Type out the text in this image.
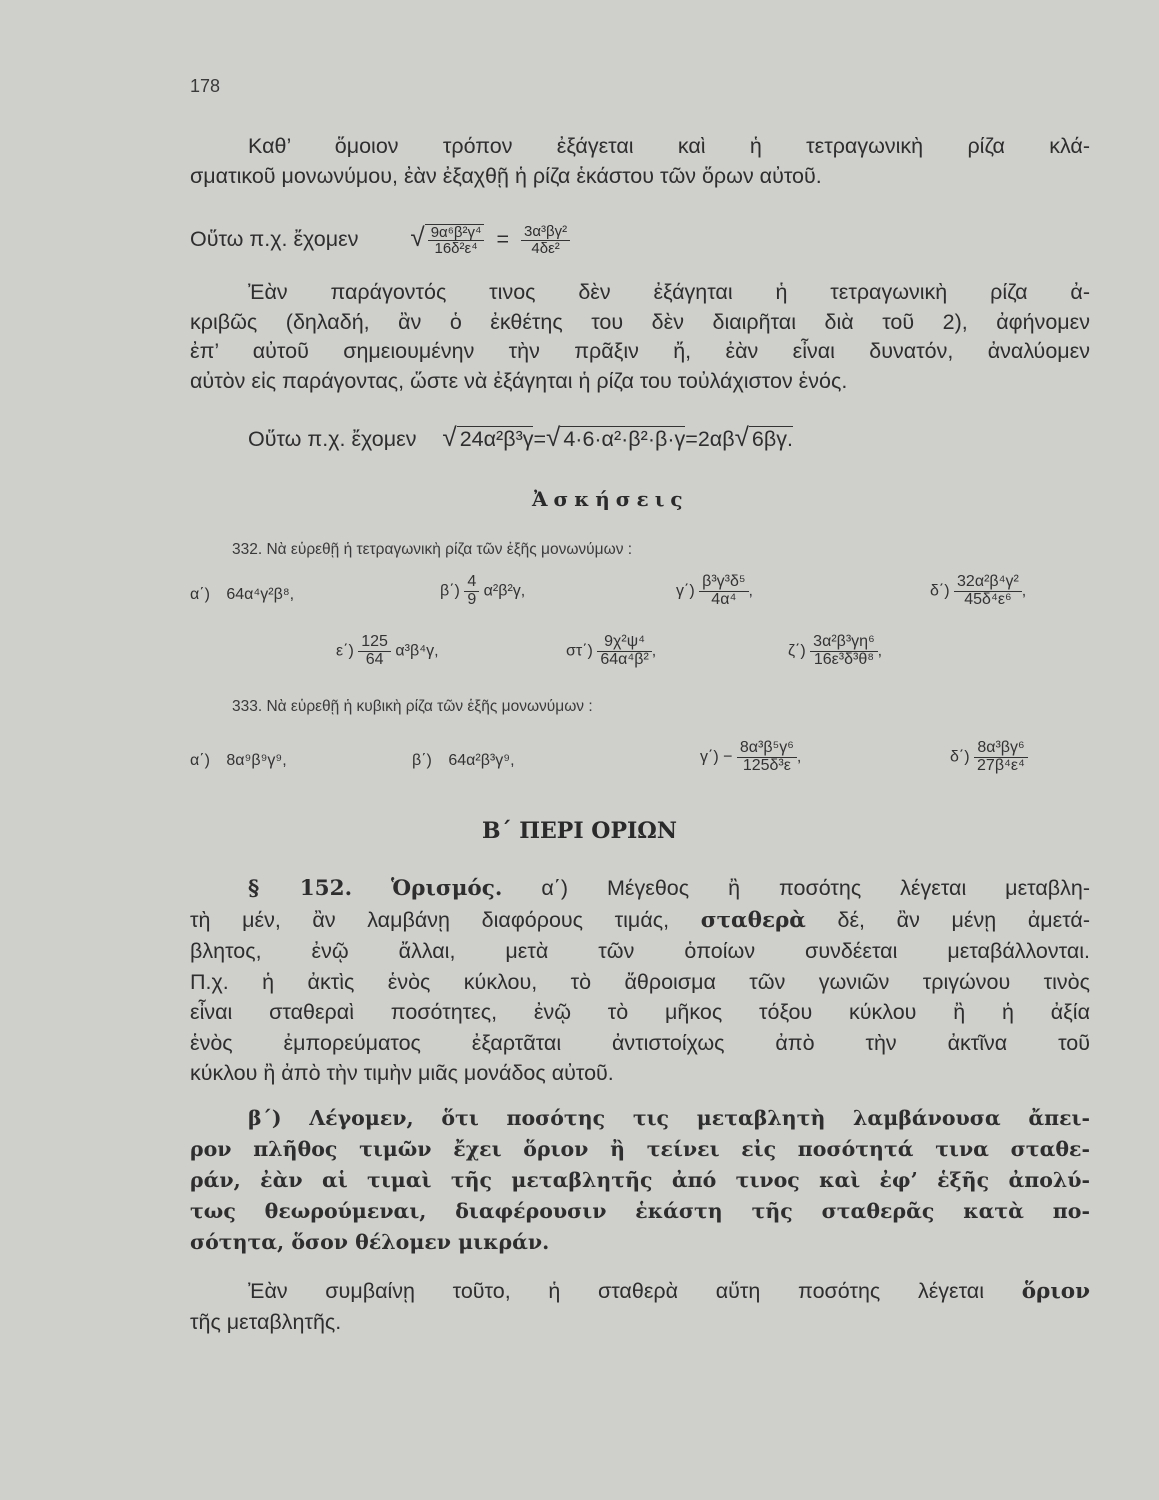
178
Καθ’ ὅμοιον τρόπον ἐξάγεται καὶ ἡ τετραγωνικὴ ρίζα κλά-
σματικοῦ μονωνύμου, ἐὰν ἐξαχθῇ ἡ ρίζα ἑκάστου τῶν ὅρων αὐτοῦ.
Οὕτω π.χ. ἔχομεν √ $\frac{\text{9α⁶β²γ⁴}}{\text{16δ²ε⁴}} = \frac{\text{3α³βγ²}}{\text{4δε²}}$
Ἐὰν παράγοντός τινος δὲν ἐξάγηται ἡ τετραγωνικὴ ρίζα ἀ-
κριβῶς (δηλαδή, ἂν ὁ ἐκθέτης του δὲν διαιρῆται διὰ τοῦ 2), ἀφήνομεν
ἐπ’ αὐτοῦ σημειουμένην τὴν πρᾶξιν ἤ, ἐὰν εἶναι δυνατόν, ἀναλύομεν
αὐτὸν εἰς παράγοντας, ὥστε νὰ ἐξάγηται ἡ ρίζα του τοὐλάχιστον ἑνός.
Οὕτω π.χ. ἔχομεν √ 24α²β³γ=√ 4·6·α²·β²·β·γ=2αβ√ 6βγ.
Ἀσκήσεις
332. Νὰ εὑρεθῇ ἡ τετραγωνικὴ ρίζα τῶν ἑξῆς μονωνύμων :
α΄) 64α⁴γ²β⁸,	$\beta΄) \frac{4}{9} \alpha^2\beta^2\gamma$,	$\gamma΄) \frac{\text{β³γ³δ⁵}}{\text{4α⁴}}$ ,	$\delta΄) \frac{\text{32α²β⁴γ²}}{\text{45δ⁴ε⁶}}$ ,
$\varepsilon΄) \frac{125}{64} \alpha^3\beta^4\gamma$,	$\sigma\tau΄) \frac{\text{9χ²ψ⁴}}{\text{64α⁴β²}}$ ,	$\zeta΄) \frac{\text{3α²β³γη⁶}}{\text{16ε³δ³θ⁸}}$ ,
333. Νὰ εὑρεθῇ ἡ κυβικὴ ρίζα τῶν ἑξῆς μονωνύμων :
α΄) 8α⁹β⁹γ⁹,	β΄) 64α²β³γ⁹,	$\gamma΄) - \frac{\text{8α³β⁵γ⁶}}{\text{125δ³ε}}$ ,	$\delta΄) \frac{\text{8α³βγ⁶}}{\text{27β⁴ε⁴}}$
Β΄ ΠΕΡΙ ΟΡΙΩΝ
§ 152. Ὁρισμός. α΄) Μέγεθος ἢ ποσότης λέγεται μεταβλη-
τὴ μέν, ἂν λαμβάνῃ διαφόρους τιμάς, σταθερὰ δέ, ἂν μένῃ ἀμετά-
βλητος, ἐνῷ ἄλλαι, μετὰ τῶν ὁποίων συνδέεται μεταβάλλονται.
Π.χ. ἡ ἀκτὶς ἑνὸς κύκλου, τὸ ἄθροισμα τῶν γωνιῶν τριγώνου τινὸς
εἶναι σταθεραὶ ποσότητες, ἐνῷ τὸ μῆκος τόξου κύκλου ἢ ἡ ἀξία
ἑνὸς ἐμπορεύματος ἐξαρτᾶται ἀντιστοίχως ἀπὸ τὴν ἀκτῖνα τοῦ
κύκλου ἢ ἀπὸ τὴν τιμὴν μιᾶς μονάδος αὐτοῦ.
β΄) Λέγομεν, ὅτι ποσότης τις μεταβλητὴ λαμβάνουσα ἄπει-
ρον πλῆθος τιμῶν ἔχει ὅριον ἢ τείνει εἰς ποσότητά τινα σταθε-
ράν, ἐὰν αἱ τιμαὶ τῆς μεταβλητῆς ἀπό τινος καὶ ἐφ’ ἑξῆς ἀπολύ-
τως θεωρούμεναι, διαφέρουσιν ἑκάστη τῆς σταθερᾶς κατὰ πο-
σότητα, ὅσον θέλομεν μικράν.
Ἐὰν συμβαίνῃ τοῦτο, ἡ σταθερὰ αὕτη ποσότης λέγεται ὅριον
τῆς μεταβλητῆς.
